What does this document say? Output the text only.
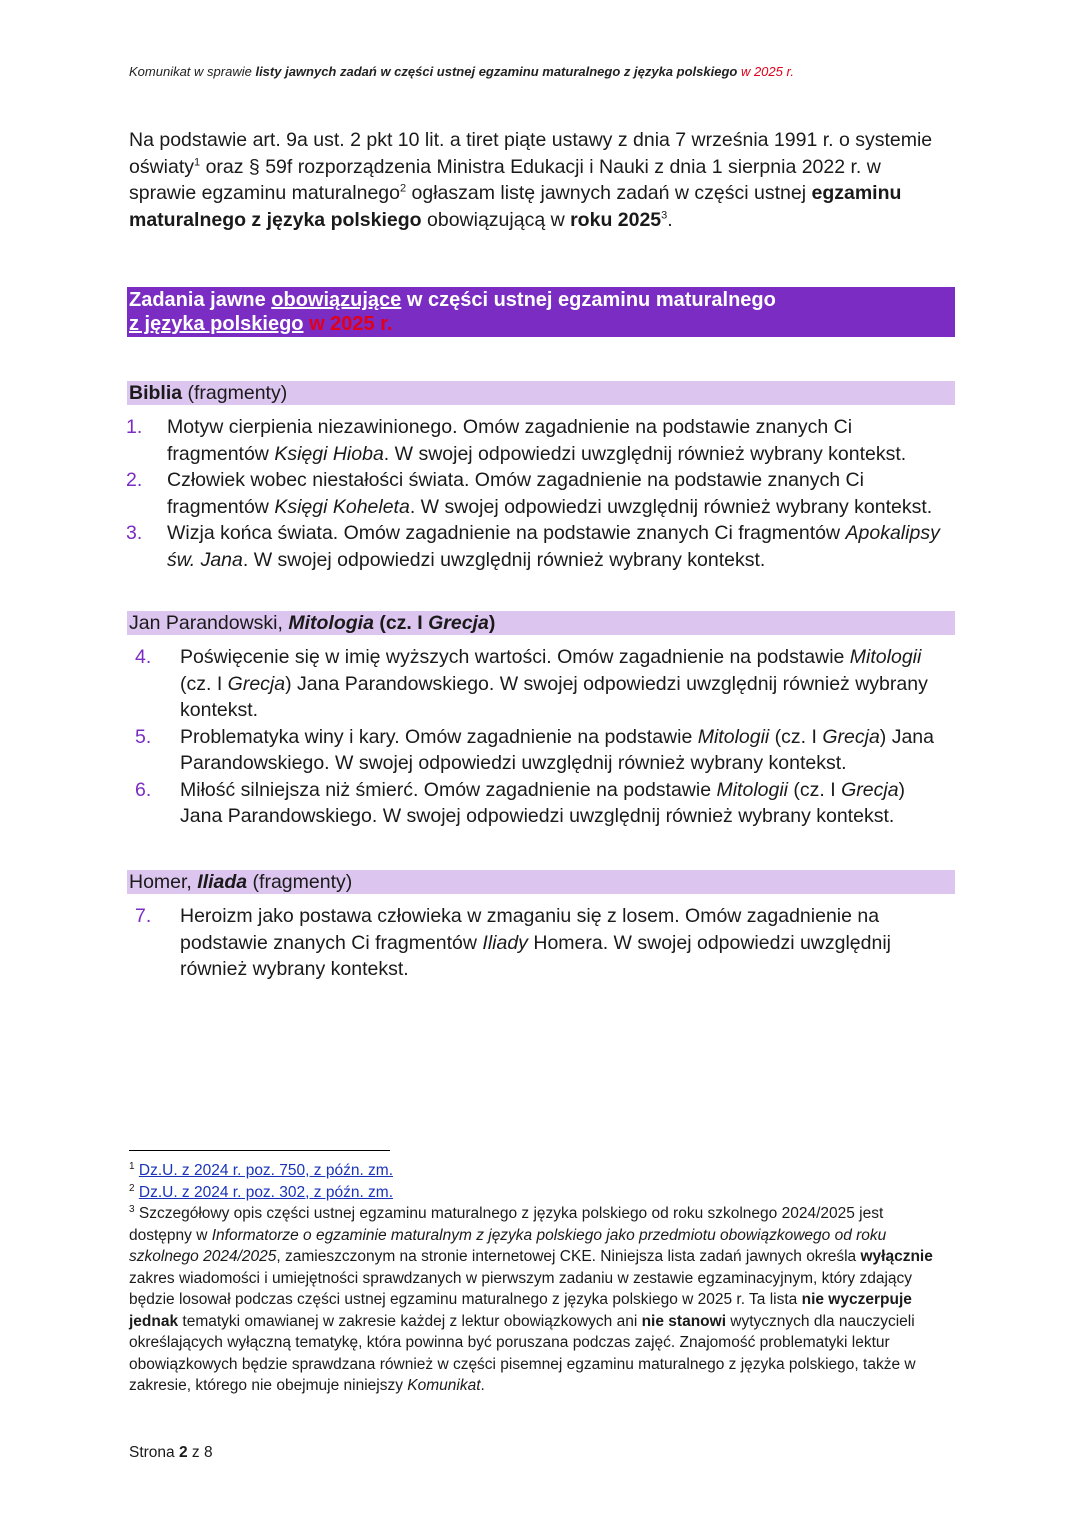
Komunikat w sprawie listy jawnych zadań w części ustnej egzaminu maturalnego z języka polskiego w 2025 r.
Na podstawie art. 9a ust. 2 pkt 10 lit. a tiret piąte ustawy z dnia 7 września 1991 r. o systemie oświaty$^1$ oraz § 59f rozporządzenia Ministra Edukacji i Nauki z dnia 1 sierpnia 2022 r. w sprawie egzaminu maturalnego$^2$ ogłaszam listę jawnych zadań w części ustnej egzaminu maturalnego z języka polskiego obowiązującą w roku 2025$^3$.
Zadania jawne obowiązujące w części ustnej egzaminu maturalnego
z języka polskiego w 2025 r.
Biblia (fragmenty)
1. Motyw cierpienia niezawinionego. Omów zagadnienie na podstawie znanych Ci fragmentów Księgi Hioba. W swojej odpowiedzi uwzględnij również wybrany kontekst.
2. Człowiek wobec niestałości świata. Omów zagadnienie na podstawie znanych Ci fragmentów Księgi Koheleta. W swojej odpowiedzi uwzględnij również wybrany kontekst.
3. Wizja końca świata. Omów zagadnienie na podstawie znanych Ci fragmentów Apokalipsy św. Jana. W swojej odpowiedzi uwzględnij również wybrany kontekst.
Jan Parandowski, Mitologia (cz. I Grecja)
4. Poświęcenie się w imię wyższych wartości. Omów zagadnienie na podstawie Mitologii (cz. I Grecja) Jana Parandowskiego. W swojej odpowiedzi uwzględnij również wybrany kontekst.
5. Problematyka winy i kary. Omów zagadnienie na podstawie Mitologii (cz. I Grecja) Jana Parandowskiego. W swojej odpowiedzi uwzględnij również wybrany kontekst.
6. Miłość silniejsza niż śmierć. Omów zagadnienie na podstawie Mitologii (cz. I Grecja) Jana Parandowskiego. W swojej odpowiedzi uwzględnij również wybrany kontekst.
Homer, Iliada (fragmenty)
7. Heroizm jako postawa człowieka w zmaganiu się z losem. Omów zagadnienie na podstawie znanych Ci fragmentów Iliady Homera. W swojej odpowiedzi uwzględnij również wybrany kontekst.
$^1$ Dz.U. z 2024 r. poz. 750, z późn. zm.
$^2$ Dz.U. z 2024 r. poz. 302, z późn. zm.
$^3$ Szczegółowy opis części ustnej egzaminu maturalnego z języka polskiego od roku szkolnego 2024/2025 jest dostępny w Informatorze o egzaminie maturalnym z języka polskiego jako przedmiotu obowiązkowego od roku szkolnego 2024/2025, zamieszczonym na stronie internetowej CKE. Niniejsza lista zadań jawnych określa wyłącznie zakres wiadomości i umiejętności sprawdzanych w pierwszym zadaniu w zestawie egzaminacyjnym, który zdający będzie losował podczas części ustnej egzaminu maturalnego z języka polskiego w 2025 r. Ta lista nie wyczerpuje jednak tematyki omawianej w zakresie każdej z lektur obowiązkowych ani nie stanowi wytycznych dla nauczycieli określających wyłączną tematykę, która powinna być poruszana podczas zajęć. Znajomość problematyki lektur obowiązkowych będzie sprawdzana również w części pisemnej egzaminu maturalnego z języka polskiego, także w zakresie, którego nie obejmuje niniejszy Komunikat.
Strona 2 z 8
